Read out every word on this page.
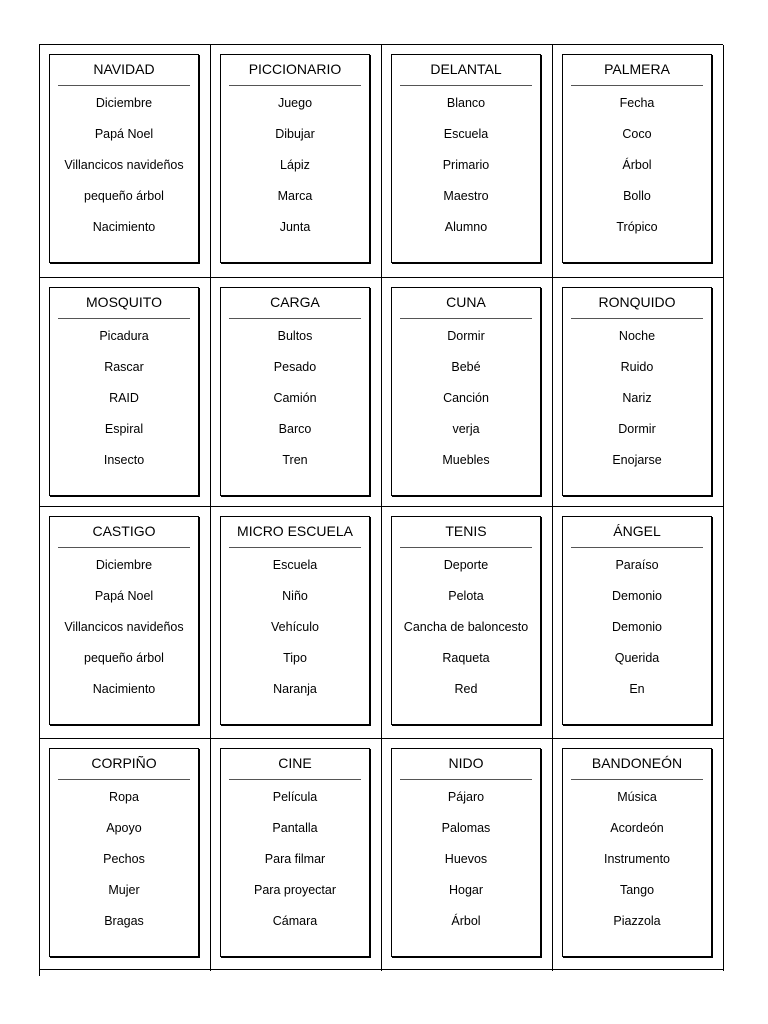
NAVIDAD
Diciembre
Papá Noel
Villancicos navideños
pequeño árbol
Nacimiento
PICCIONARIO
Juego
Dibujar
Lápiz
Marca
Junta
DELANTAL
Blanco
Escuela
Primario
Maestro
Alumno
PALMERA
Fecha
Coco
Árbol
Bollo
Trópico
MOSQUITO
Picadura
Rascar
RAID
Espiral
Insecto
CARGA
Bultos
Pesado
Camión
Barco
Tren
CUNA
Dormir
Bebé
Canción
verja
Muebles
RONQUIDO
Noche
Ruido
Nariz
Dormir
Enojarse
CASTIGO
Diciembre
Papá Noel
Villancicos navideños
pequeño árbol
Nacimiento
MICRO ESCUELA
Escuela
Niño
Vehículo
Tipo
Naranja
TENIS
Deporte
Pelota
Cancha de baloncesto
Raqueta
Red
ÁNGEL
Paraíso
Demonio
Demonio
Querida
En
CORPIÑO
Ropa
Apoyo
Pechos
Mujer
Bragas
CINE
Película
Pantalla
Para filmar
Para proyectar
Cámara
NIDO
Pájaro
Palomas
Huevos
Hogar
Árbol
BANDONEÓN
Música
Acordeón
Instrumento
Tango
Piazzola
